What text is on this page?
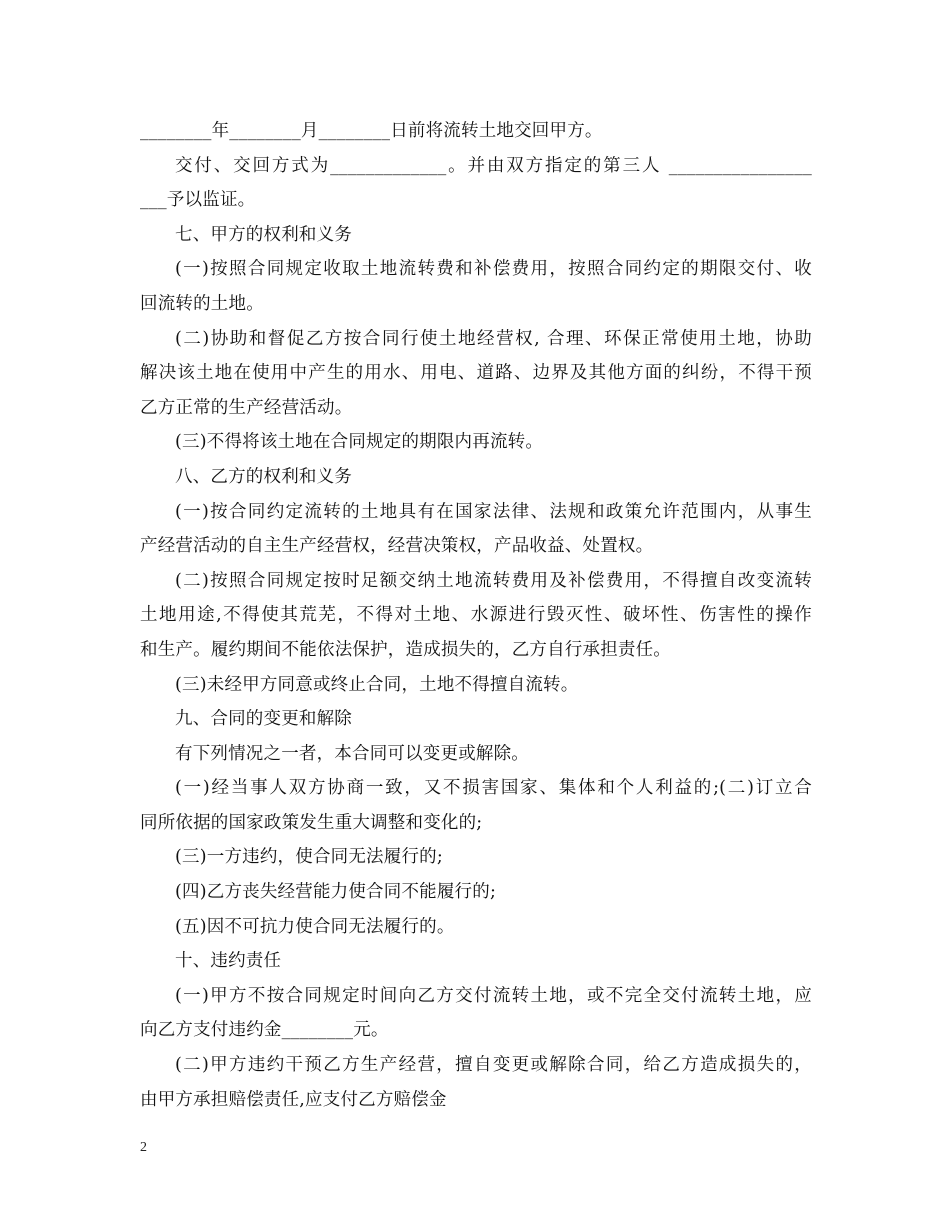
________年________月________日前将流转土地交回甲方。
交付、交回方式为_____________。并由双方指定的第三人 ________________
___予以监证。
七、甲方的权利和义务
(一)按照合同规定收取土地流转费和补偿费用，按照合同约定的期限交付、收
回流转的土地。
(二)协助和督促乙方按合同行使土地经营权, 合理、环保正常使用土地，协助
解决该土地在使用中产生的用水、用电、道路、边界及其他方面的纠纷，不得干预
乙方正常的生产经营活动。
(三)不得将该土地在合同规定的期限内再流转。
八、乙方的权利和义务
(一)按合同约定流转的土地具有在国家法律、法规和政策允许范围内，从事生
产经营活动的自主生产经营权，经营决策权，产品收益、处置权。
(二)按照合同规定按时足额交纳土地流转费用及补偿费用，不得擅自改变流转
土地用途,不得使其荒芜，不得对土地、水源进行毁灭性、破坏性、伤害性的操作
和生产。履约期间不能依法保护，造成损失的，乙方自行承担责任。
(三)未经甲方同意或终止合同，土地不得擅自流转。
九、合同的变更和解除
有下列情况之一者，本合同可以变更或解除。
(一)经当事人双方协商一致，又不损害国家、集体和个人利益的;(二)订立合
同所依据的国家政策发生重大调整和变化的;
(三)一方违约，使合同无法履行的;
(四)乙方丧失经营能力使合同不能履行的;
(五)因不可抗力使合同无法履行的。
十、违约责任
(一)甲方不按合同规定时间向乙方交付流转土地，或不完全交付流转土地，应
向乙方支付违约金________元。
(二)甲方违约干预乙方生产经营，擅自变更或解除合同，给乙方造成损失的，
由甲方承担赔偿责任,应支付乙方赔偿金
2
